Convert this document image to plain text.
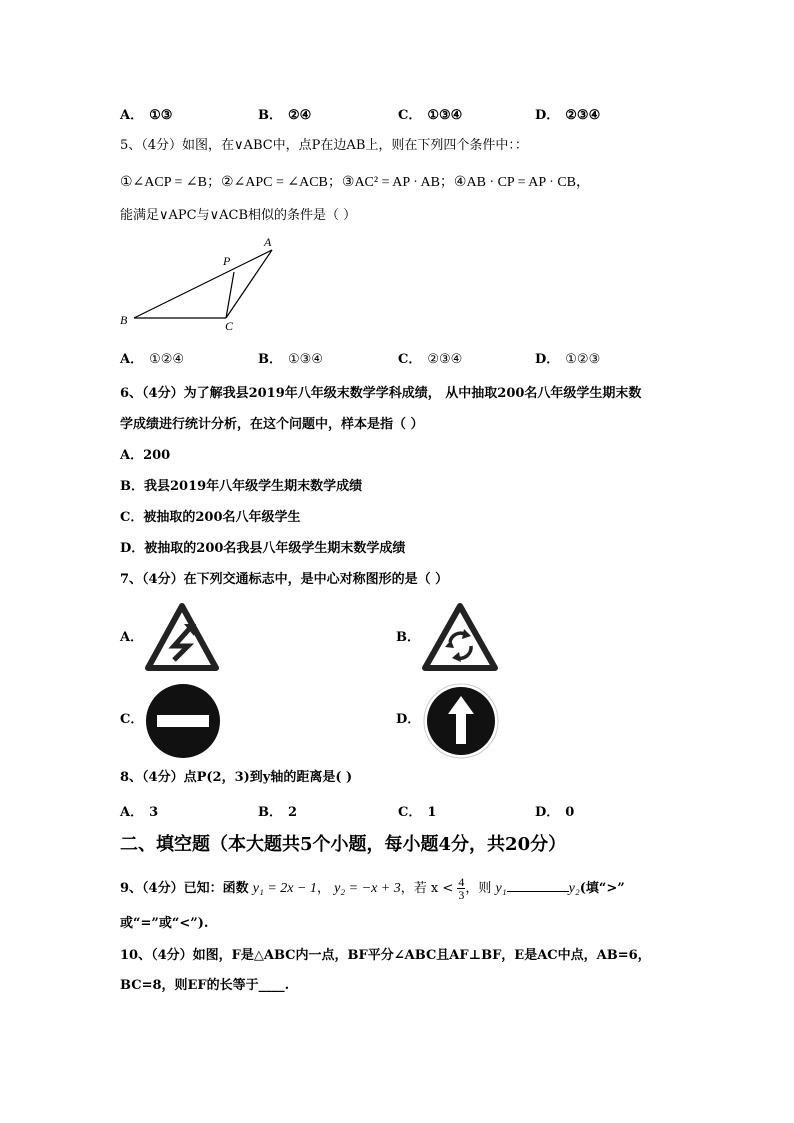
A． ①③	B． ②④	C． ①③④	D． ②③④
5、（4分）如图，在∨ABC中，点P在边AB上，则在下列四个条件中：：
①∠ACP = ∠B；②∠APC = ∠ACB；③AC² = AP · AB；④AB · CP = AP · CB，
能满足∨APC与∨ACB相似的条件是（ ）
A
P
B	C
A． ①②④	B． ①③④	C． ②③④	D． ①②③
6、（4分）为了解我县2019年八年级末数学学科成绩， 从中抽取200名八年级学生期末数
学成绩进行统计分析，在这个问题中，样本是指（ ）
A．200
B．我县2019年八年级学生期末数学成绩
C．被抽取的200名八年级学生
D．被抽取的200名我县八年级学生期末数学成绩
7、（4分）在下列交通标志中，是中心对称图形的是（ ）
A．	B．
C．	D．
8、（4分）点P(2，3)到y轴的距离是( )
A． 3	B． 2	C． 1	D． 0
二、填空题（本大题共5个小题，每小题4分，共20分）
9、（4分）已知：函数 y₁ = 2x − 1， y₂ = −x + 3，若 $x < \frac{4}{3}$ ，则 y₁	y₂(填“>”
或“=”或“<”).
10、（4分）如图，F是△ABC内一点，BF平分∠ABC且AF⊥BF，E是AC中点，AB=6，
BC=8，则EF的长等于____.
